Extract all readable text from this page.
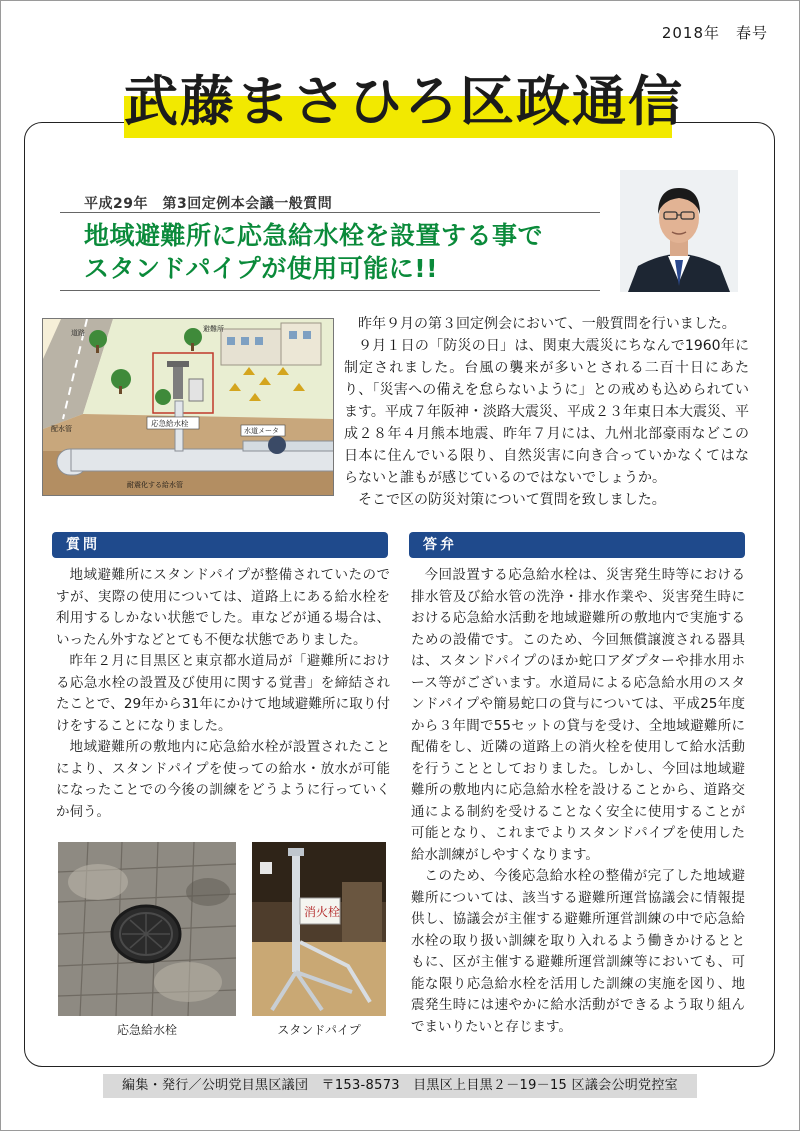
2018年　春号
武藤まさひろ区政通信
平成29年　第3回定例本会議一般質問
地域避難所に応急給水栓を設置する事で
スタンドパイプが使用可能に!!
道路	避難所
応急給水栓
水道メータ
配水管
耐震化する給水管

昨年９月の第３回定例会において、一般質問を行いました。

９月１日の「防災の日」は、関東大震災にちなんで1960年に制定されました。台風の襲来が多いとされる二百十日にあたり、「災害への備えを怠らないように」との戒めも込められています。平成７年阪神・淡路大震災、平成２３年東日本大震災、平成２８年４月熊本地震、昨年７月には、九州北部豪雨などこの日本に住んでいる限り、自然災害に向き合っていかなくてはならないと誰もが感じているのではないでしょうか。

そこで区の防災対策について質問を致しました。

質問	答弁

地域避難所にスタンドパイプが整備されていたのですが、実際の使用については、道路上にある給水栓を利用するしかない状態でした。車などが通る場合は、いったん外すなどとても不便な状態でありました。

昨年２月に目黒区と東京都水道局が「避難所における応急水栓の設置及び使用に関する覚書」を締結されたことで、29年から31年にかけて地域避難所に取り付けをすることになりました。

地域避難所の敷地内に応急給水栓が設置されたことにより、スタンドパイプを使っての給水・放水が可能になったことでの今後の訓練をどうように行っていくか伺う。

今回設置する応急給水栓は、災害発生時等における排水管及び給水管の洗浄・排水作業や、災害発生時における応急給水活動を地域避難所の敷地内で実施するための設備です。このため、今回無償譲渡される器具は、スタンドパイプのほか蛇口アダプターや排水用ホース等がございます。水道局による応急給水用のスタンドパイプや簡易蛇口の貸与については、平成25年度から３年間で55セットの貸与を受け、全地域避難所に配備をし、近隣の道路上の消火栓を使用して給水活動を行うこととしておりました。しかし、今回は地域避難所の敷地内に応急給水栓を設けることから、道路交通による制約を受けることなく安全に使用することが可能となり、これまでよりスタンドパイプを使用した給水訓練がしやすくなります。

このため、今後応急給水栓の整備が完了した地域避難所については、該当する避難所運営協議会に情報提供し、協議会が主催する避難所運営訓練の中で応急給水栓の取り扱い訓練を取り入れるよう働きかけるとともに、区が主催する避難所運営訓練等においても、可能な限り応急給水栓を活用した訓練の実施を図り、地震発生時には速やかに給水活動ができるよう取り組んでまいりたいと存じます。

消火栓
応急給水栓	スタンドパイプ
編集・発行／公明党目黒区議団　〒153-8573　目黒区上目黒２－19－15 区議会公明党控室
